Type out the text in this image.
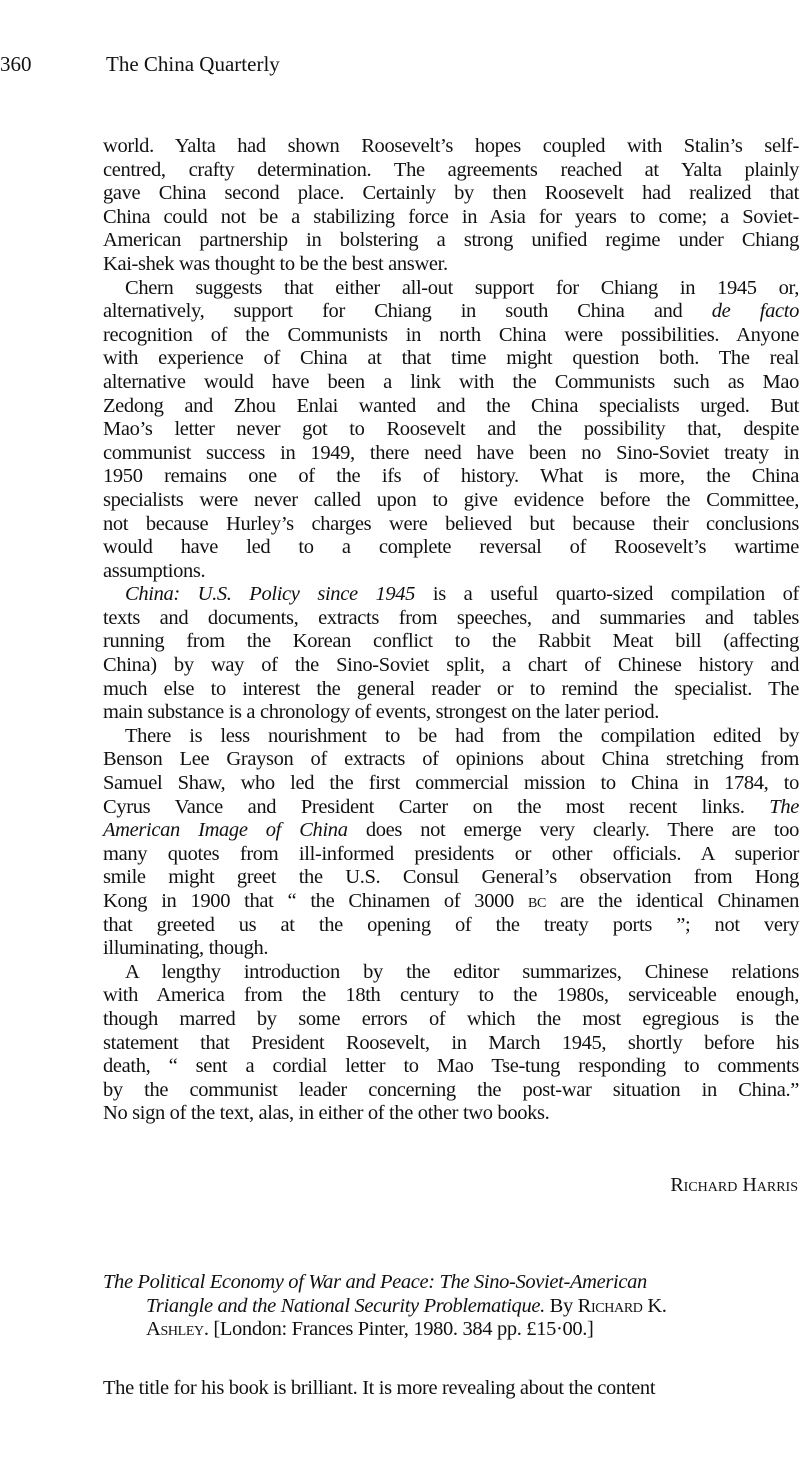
360	The China Quarterly
world. Yalta had shown Roosevelt’s hopes coupled with Stalin’s self-
centred, crafty determination. The agreements reached at Yalta plainly
gave China second place. Certainly by then Roosevelt had realized that
China could not be a stabilizing force in Asia for years to come; a Soviet-
American partnership in bolstering a strong unified regime under Chiang
Kai-shek was thought to be the best answer.
Chern suggests that either all-out support for Chiang in 1945 or,
alternatively, support for Chiang in south China and de facto
recognition of the Communists in north China were possibilities. Anyone
with experience of China at that time might question both. The real
alternative would have been a link with the Communists such as Mao
Zedong and Zhou Enlai wanted and the China specialists urged. But
Mao’s letter never got to Roosevelt and the possibility that, despite
communist success in 1949, there need have been no Sino-Soviet treaty in
1950 remains one of the ifs of history. What is more, the China
specialists were never called upon to give evidence before the Committee,
not because Hurley’s charges were believed but because their conclusions
would have led to a complete reversal of Roosevelt’s wartime
assumptions.
China: U.S. Policy since 1945 is a useful quarto-sized compilation of
texts and documents, extracts from speeches, and summaries and tables
running from the Korean conflict to the Rabbit Meat bill (affecting
China) by way of the Sino-Soviet split, a chart of Chinese history and
much else to interest the general reader or to remind the specialist. The
main substance is a chronology of events, strongest on the later period.
There is less nourishment to be had from the compilation edited by
Benson Lee Grayson of extracts of opinions about China stretching from
Samuel Shaw, who led the first commercial mission to China in 1784, to
Cyrus Vance and President Carter on the most recent links. The
American Image of China does not emerge very clearly. There are too
many quotes from ill-informed presidents or other officials. A superior
smile might greet the U.S. Consul General’s observation from Hong
Kong in 1900 that “ the Chinamen of 3000 bc are the identical Chinamen
that greeted us at the opening of the treaty ports ”; not very
illuminating, though.
A lengthy introduction by the editor summarizes, Chinese relations
with America from the 18th century to the 1980s, serviceable enough,
though marred by some errors of which the most egregious is the
statement that President Roosevelt, in March 1945, shortly before his
death, “ sent a cordial letter to Mao Tse-tung responding to comments
by the communist leader concerning the post-war situation in China.”
No sign of the text, alas, in either of the other two books.
Richard Harris
The Political Economy of War and Peace: The Sino-Soviet-American
Triangle and the National Security Problematique. By Richard K.
Ashley. [London: Frances Pinter, 1980. 384 pp. £15·00.]
The title for his book is brilliant. It is more revealing about the content
